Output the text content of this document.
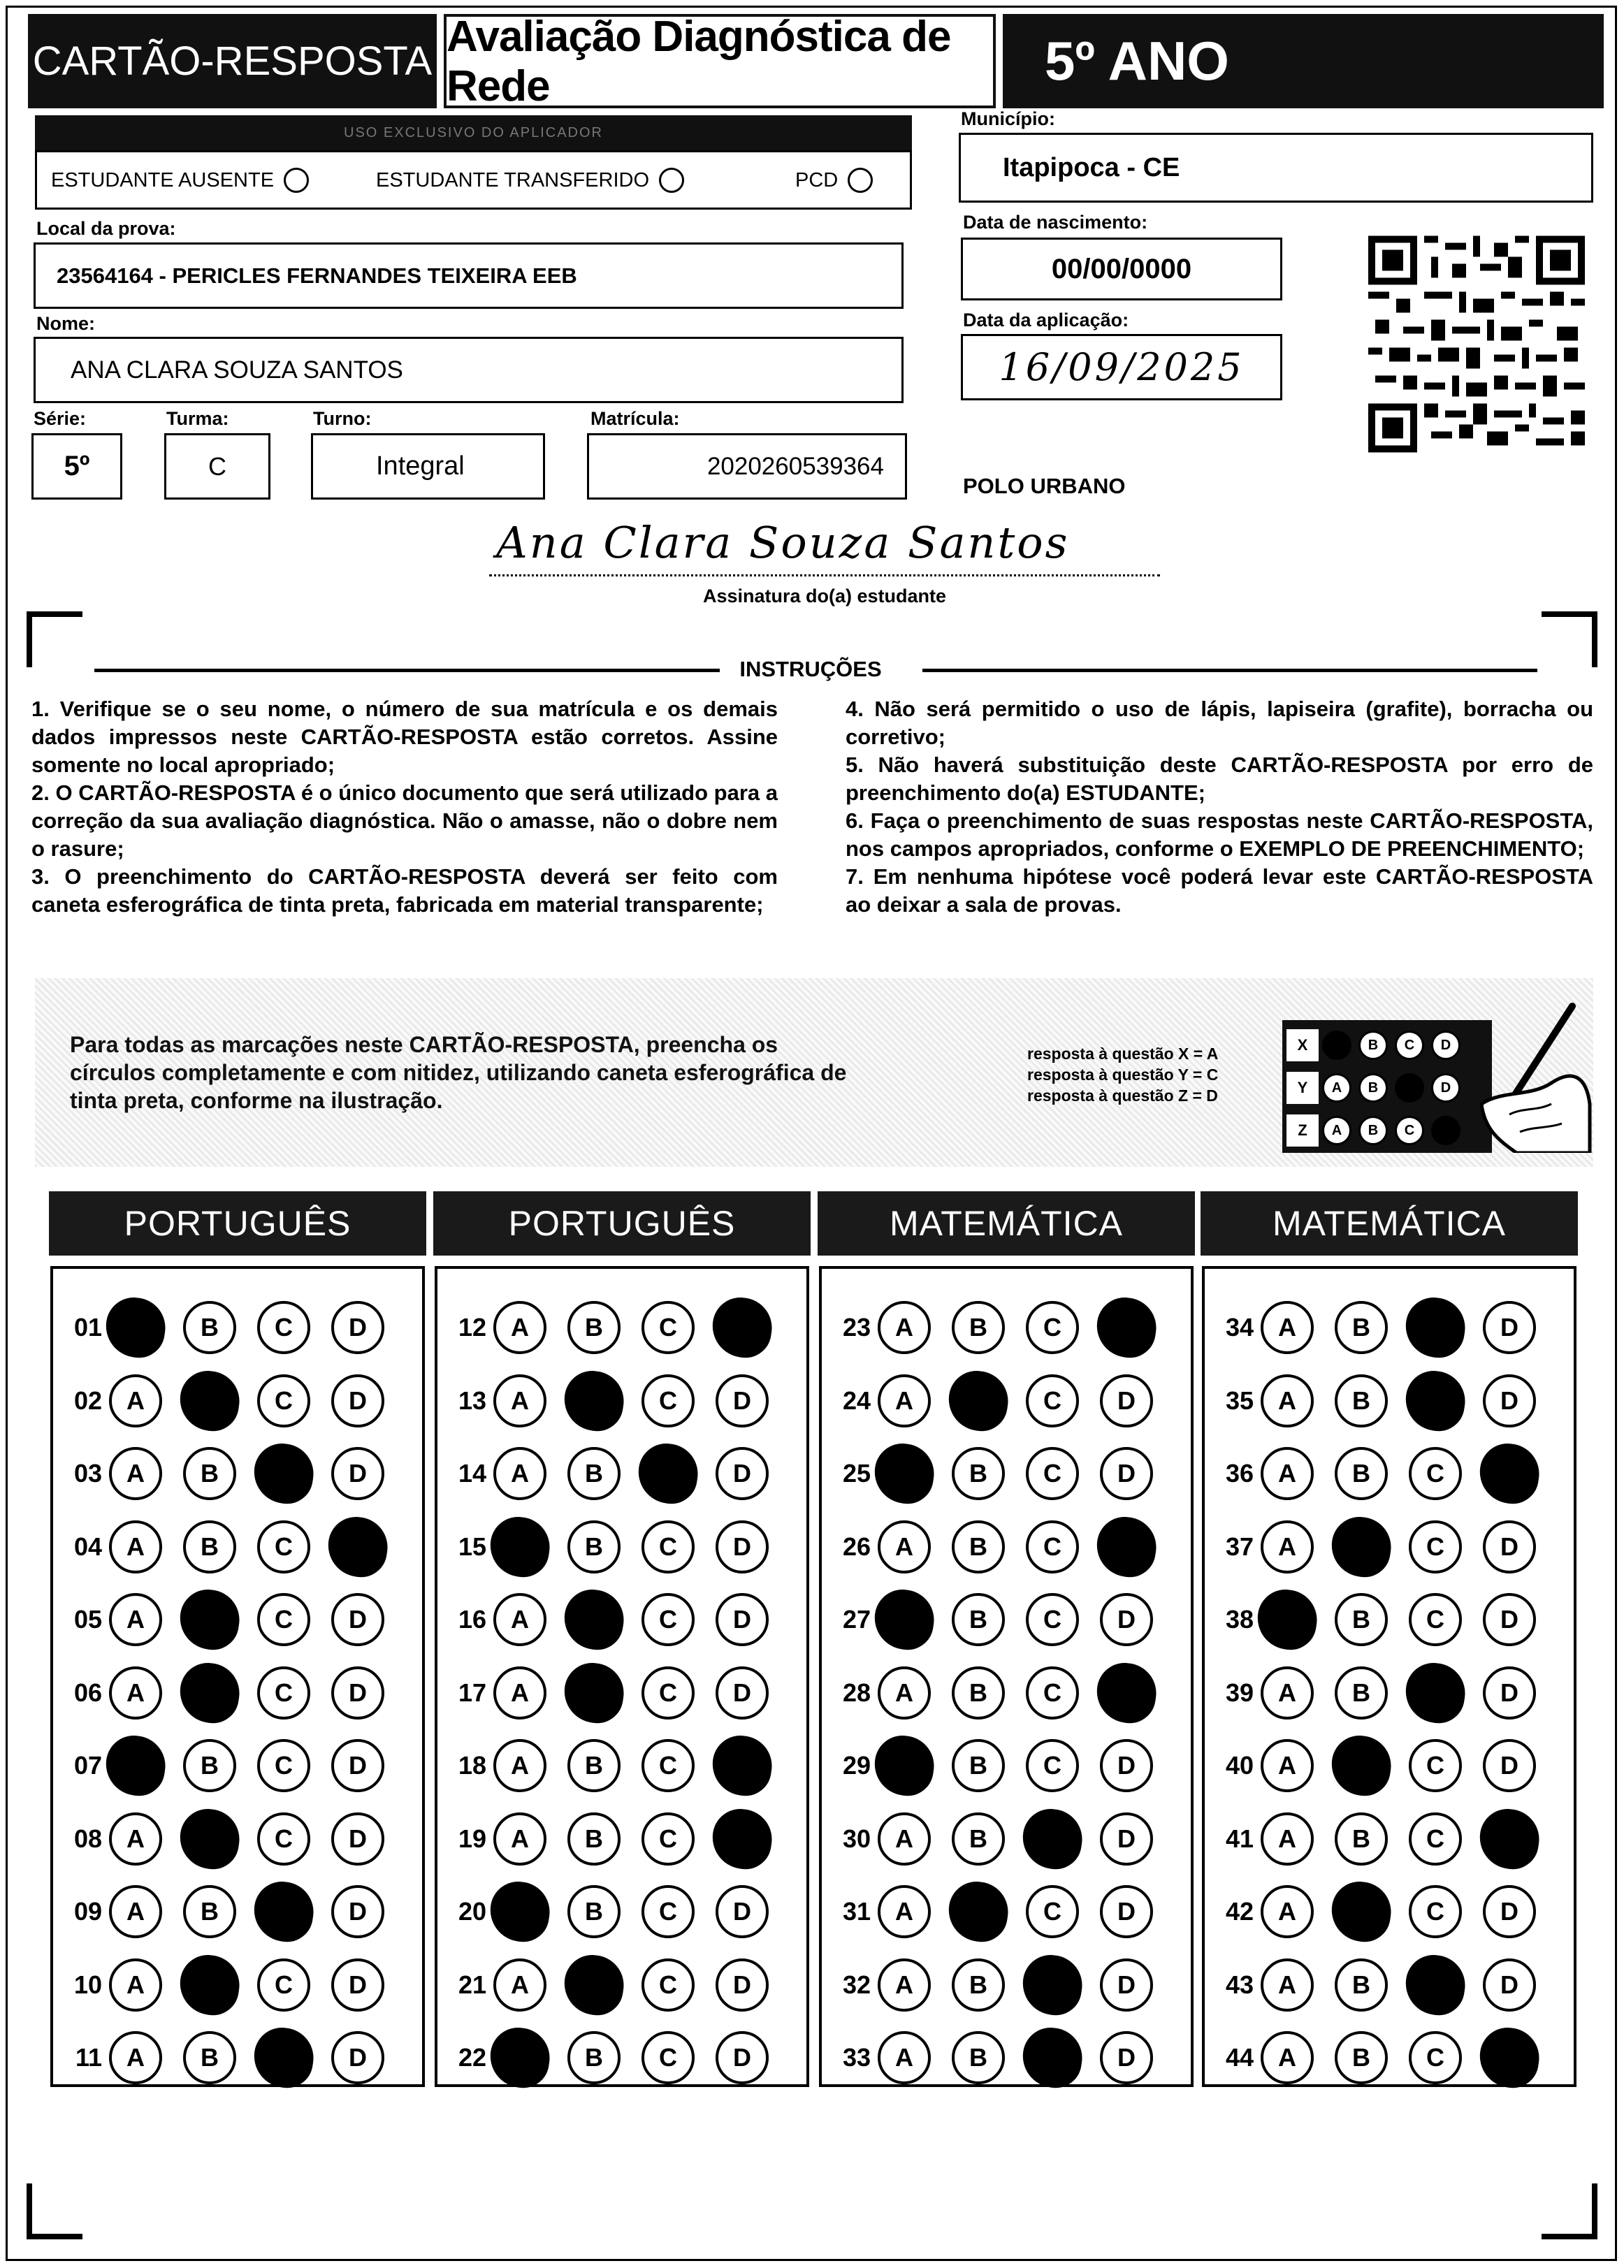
CARTÃO-RESPOSTA
Avaliação Diagnóstica de Rede	5º ANO
USO EXCLUSIVO DO APLICADOR
ESTUDANTE AUSENTE	ESTUDANTE TRANSFERIDO	PCD
Município:
Itapipoca - CE
Local da prova:
23564164 - PERICLES FERNANDES TEIXEIRA EEB
Data de nascimento:
00/00/0000
Nome:
ANA CLARA SOUZA SANTOS
Data da aplicação:
16/09/2025
Série:
5º
Turma:
C
Turno:
Integral
Matrícula:
2020260539364
POLO URBANO
Ana Clara Souza Santos
Assinatura do(a) estudante
INSTRUÇÕES

1. Verifique se o seu nome, o número de sua matrícula e os demais dados impressos neste CARTÃO-RESPOSTA estão corretos. Assine somente no local apropriado;

2. O CARTÃO-RESPOSTA é o único documento que será utilizado para a correção da sua avaliação diagnóstica. Não o amasse, não o dobre nem o rasure;

3. O preenchimento do CARTÃO-RESPOSTA deverá ser feito com caneta esferográfica de tinta preta, fabricada em material transparente;

4. Não será permitido o uso de lápis, lapiseira (grafite), borracha ou corretivo;

5. Não haverá substituição deste CARTÃO-RESPOSTA por erro de preenchimento do(a) ESTUDANTE;

6. Faça o preenchimento de suas respostas neste CARTÃO-RESPOSTA, nos campos apropriados, conforme o EXEMPLO DE PREENCHIMENTO;

7. Em nenhuma hipótese você poderá levar este CARTÃO-RESPOSTA ao deixar a sala de provas.

Para todas as marcações neste CARTÃO-RESPOSTA, preencha os círculos completamente e com nitidez, utilizando caneta esferográfica de tinta preta, conforme na ilustração.
resposta à questão X = A
resposta à questão Y = C
resposta à questão Z = D
X	A	B	C	D
Y	A	B	C	D
Z	A	B	C	D
PORTUGUÊS
01 A	B	C	D
02 A	B	C	D
03 A	B	C	D
04 A	B	C	D
05 A	B	C	D
06 A	B	C	D
07 A	B	C	D
08 A	B	C	D
09 A	B	C	D
10 A	B	C	D
11 A	B	C	D
PORTUGUÊS
12 A	B	C	D
13 A	B	C	D
14 A	B	C	D
15 A	B	C	D
16 A	B	C	D
17 A	B	C	D
18 A	B	C	D
19 A	B	C	D
20 A	B	C	D
21 A	B	C	D
22 A	B	C	D
MATEMÁTICA
23 A	B	C	D
24 A	B	C	D
25 A	B	C	D
26 A	B	C	D
27 A	B	C	D
28 A	B	C	D
29 A	B	C	D
30 A	B	C	D
31 A	B	C	D
32 A	B	C	D
33 A	B	C	D
MATEMÁTICA
34 A	B	C	D
35 A	B	C	D
36 A	B	C	D
37 A	B	C	D
38 A	B	C	D
39 A	B	C	D
40 A	B	C	D
41 A	B	C	D
42 A	B	C	D
43 A	B	C	D
44 A	B	C	D
